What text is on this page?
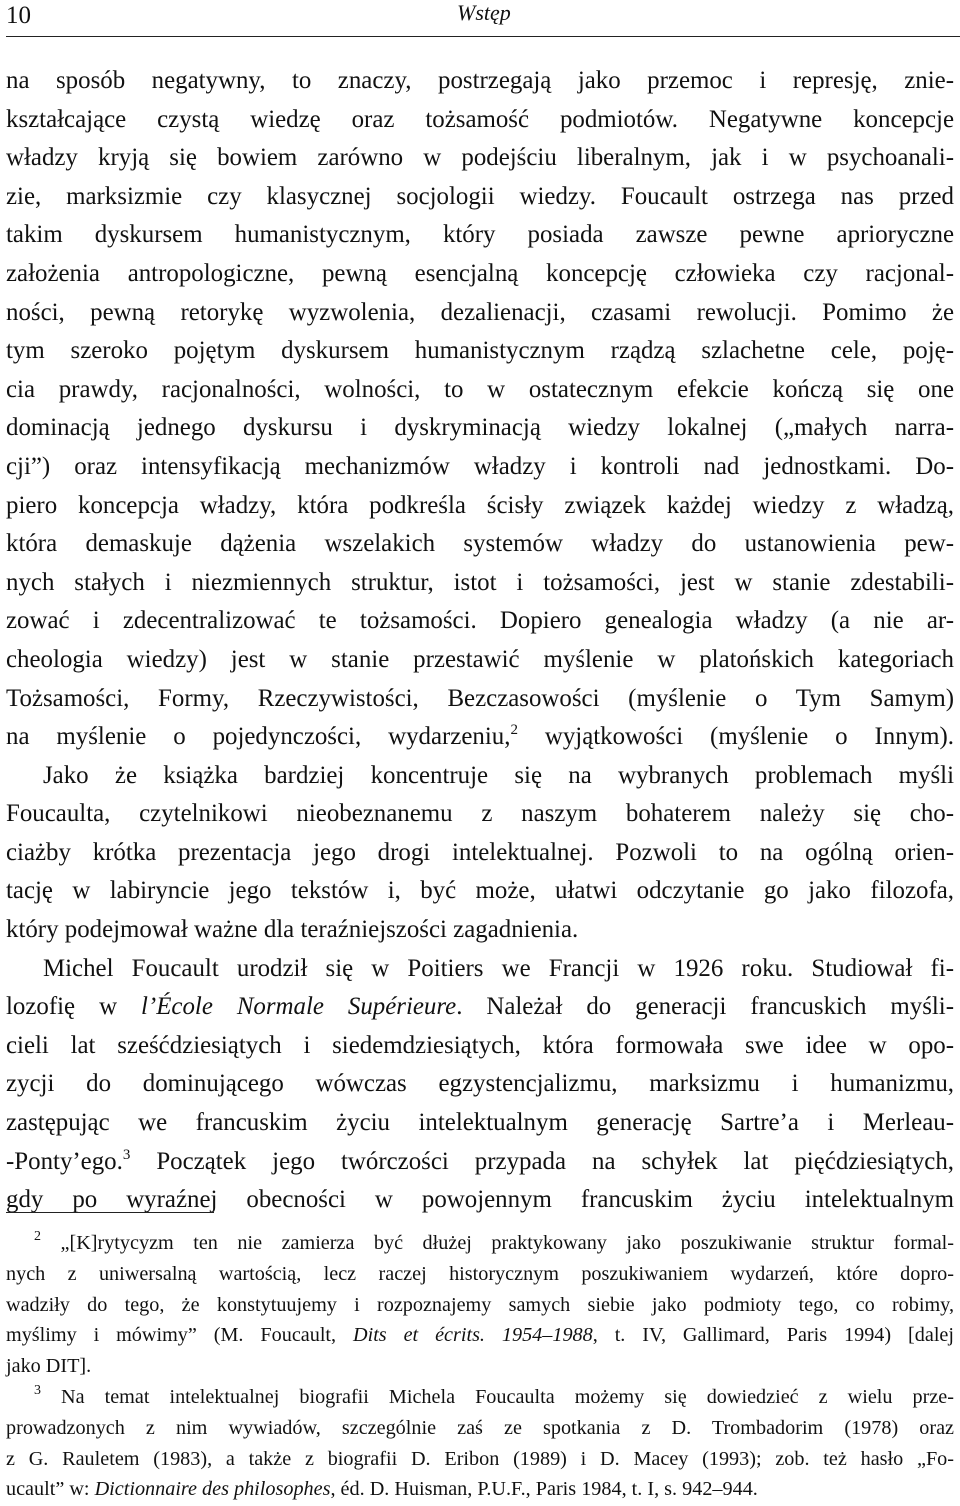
10	Wstęp
na sposób negatywny, to znaczy, postrzegają jako przemoc i represję, znie-
kształcające czystą wiedzę oraz tożsamość podmiotów. Negatywne koncepcje
władzy kryją się bowiem zarówno w podejściu liberalnym, jak i w psychoanali-
zie, marksizmie czy klasycznej socjologii wiedzy. Foucault ostrzega nas przed
takim dyskursem humanistycznym, który posiada zawsze pewne aprioryczne
założenia antropologiczne, pewną esencjalną koncepcję człowieka czy racjonal-
ności, pewną retorykę wyzwolenia, dezalienacji, czasami rewolucji. Pomimo że
tym szeroko pojętym dyskursem humanistycznym rządzą szlachetne cele, poję-
cia prawdy, racjonalności, wolności, to w ostatecznym efekcie kończą się one
dominacją jednego dyskursu i dyskryminacją wiedzy lokalnej („małych narra-
cji”) oraz intensyfikacją mechanizmów władzy i kontroli nad jednostkami. Do-
piero koncepcja władzy, która podkreśla ścisły związek każdej wiedzy z władzą,
która demaskuje dążenia wszelakich systemów władzy do ustanowienia pew-
nych stałych i niezmiennych struktur, istot i tożsamości, jest w stanie zdestabili-
zować i zdecentralizować te tożsamości. Dopiero genealogia władzy (a nie ar-
cheologia wiedzy) jest w stanie przestawić myślenie w platońskich kategoriach
Tożsamości, Formy, Rzeczywistości, Bezczasowości (myślenie o Tym Samym)
na myślenie o pojedynczości, wydarzeniu,$^2$ wyjątkowości (myślenie o Innym).
Jako że książka bardziej koncentruje się na wybranych problemach myśli
Foucaulta, czytelnikowi nieobeznanemu z naszym bohaterem należy się cho-
ciażby krótka prezentacja jego drogi intelektualnej. Pozwoli to na ogólną orien-
tację w labiryncie jego tekstów i, być może, ułatwi odczytanie go jako filozofa,
który podejmował ważne dla teraźniejszości zagadnienia.
Michel Foucault urodził się w Poitiers we Francji w 1926 roku. Studiował fi-
lozofię w l’École Normale Supérieure. Należał do generacji francuskich myśli-
cieli lat sześćdziesiątych i siedemdziesiątych, która formowała swe idee w opo-
zycji do dominującego wówczas egzystencjalizmu, marksizmu i humanizmu,
zastępując we francuskim życiu intelektualnym generację Sartre’a i Merleau-
-Ponty’ego.$^3$ Początek jego twórczości przypada na schyłek lat pięćdziesiątych,
gdy po wyraźnej obecności w powojennym francuskim życiu intelektualnym
$^2$ „[K]rytycyzm ten nie zamierza być dłużej praktykowany jako poszukiwanie struktur formal-
nych z uniwersalną wartością, lecz raczej historycznym poszukiwaniem wydarzeń, które dopro-
wadziły do tego, że konstytuujemy i rozpoznajemy samych siebie jako podmioty tego, co robimy,
myślimy i mówimy” (M. Foucault, Dits et écrits. 1954–1988, t. IV, Gallimard, Paris 1994) [dalej
jako DIT].
$^3$ Na temat intelektualnej biografii Michela Foucaulta możemy się dowiedzieć z wielu prze-
prowadzonych z nim wywiadów, szczególnie zaś ze spotkania z D. Trombadorim (1978) oraz
z G. Rauletem (1983), a także z biografii D. Eribon (1989) i D. Macey (1993); zob. też hasło „Fo-
ucault” w: Dictionnaire des philosophes, éd. D. Huisman, P.U.F., Paris 1984, t. I, s. 942–944.
